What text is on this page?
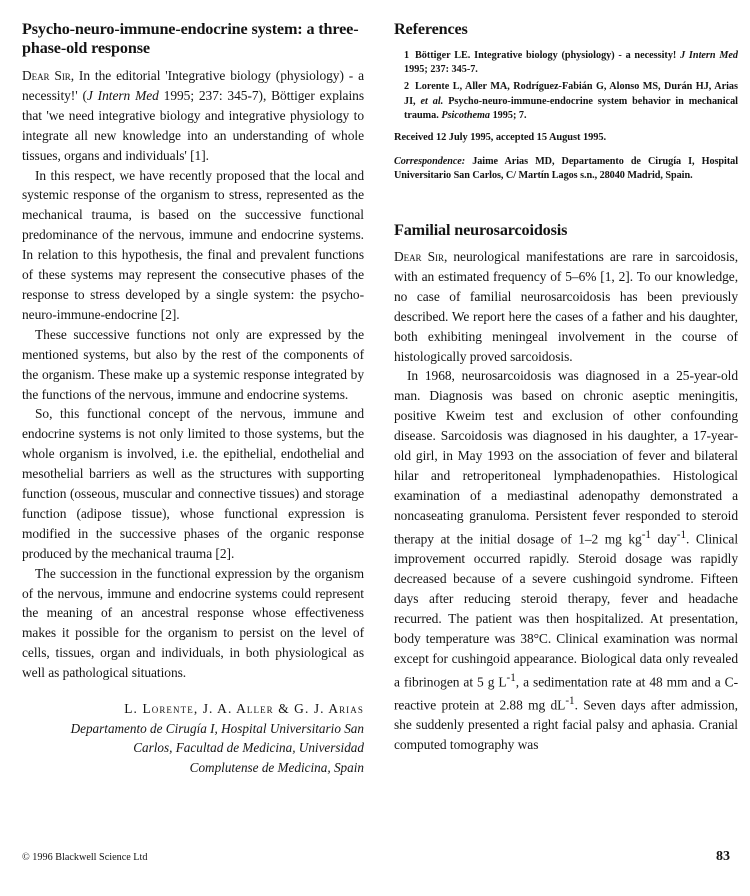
Psycho-neuro-immune-endocrine system: a three-phase-old response

Dear Sir, In the editorial 'Integrative biology (physiology) - a necessity!' (J Intern Med 1995; 237: 345-7), Böttiger explains that 'we need integrative biology and integrative physiology to integrate all new knowledge into an understanding of whole tissues, organs and individuals' [1].

In this respect, we have recently proposed that the local and systemic response of the organism to stress, represented as the mechanical trauma, is based on the successive functional predominance of the nervous, immune and endocrine systems. In relation to this hypothesis, the final and prevalent functions of these systems may represent the consecutive phases of the response to stress developed by a single system: the psycho-neuro-immune-endocrine [2].

These successive functions not only are expressed by the mentioned systems, but also by the rest of the components of the organism. These make up a systemic response integrated by the functions of the nervous, immune and endocrine systems.

So, this functional concept of the nervous, immune and endocrine systems is not only limited to those systems, but the whole organism is involved, i.e. the epithelial, endothelial and mesothelial barriers as well as the structures with supporting function (osseous, muscular and connective tissues) and storage function (adipose tissue), whose functional expression is modified in the successive phases of the organic response produced by the mechanical trauma [2].

The succession in the functional expression by the organism of the nervous, immune and endocrine systems could represent the meaning of an ancestral response whose effectiveness makes it possible for the organism to persist on the level of cells, tissues, organ and individuals, in both physiological as well as pathological situations.

L. Lorente, J. A. Aller & G. J. Arias
Departamento de Cirugía I, Hospital Universitario San
Carlos, Facultad de Medicina, Universidad
Complutense de Medicina, Spain
References
1 Böttiger LE. Integrative biology (physiology) - a necessity! J Intern Med 1995; 237: 345-7.
2 Lorente L, Aller MA, Rodríguez-Fabián G, Alonso MS, Durán HJ, Arias JI, et al. Psycho-neuro-immune-endocrine system behavior in mechanical trauma. Psicothema 1995; 7.

Received 12 July 1995, accepted 15 August 1995.

Correspondence: Jaime Arias MD, Departamento de Cirugía I, Hospital Universitario San Carlos, C/ Martín Lagos s.n., 28040 Madrid, Spain.

Familial neurosarcoidosis

Dear Sir, neurological manifestations are rare in sarcoidosis, with an estimated frequency of 5–6% [1, 2]. To our knowledge, no case of familial neurosarcoidosis has been previously described. We report here the cases of a father and his daughter, both exhibiting meningeal involvement in the course of histologically proved sarcoidosis.

In 1968, neurosarcoidosis was diagnosed in a 25-year-old man. Diagnosis was based on chronic aseptic meningitis, positive Kweim test and exclusion of other confounding disease. Sarcoidosis was diagnosed in his daughter, a 17-year-old girl, in May 1993 on the association of fever and bilateral hilar and retroperitoneal lymphadenopathies. Histological examination of a mediastinal adenopathy demonstrated a noncaseating granuloma. Persistent fever responded to steroid therapy at the initial dosage of 1–2 mg $kg^{-1}$ day$^{-1}$. Clinical improvement occurred rapidly. Steroid dosage was rapidly decreased because of a severe cushingoid syndrome. Fifteen days after reducing steroid therapy, fever and headache recurred. The patient was then hospitalized. At presentation, body temperature was 38°C. Clinical examination was normal except for cushingoid appearance. Biological data only revealed a fibrinogen at 5 g $L^{-1}$, a sedimentation rate at 48 mm and a C-reactive protein at 2.88 mg $dL^{-1}$. Seven days after admission, she suddenly presented a right facial palsy and aphasia. Cranial computed tomography was

© 1996 Blackwell Science Ltd	83
